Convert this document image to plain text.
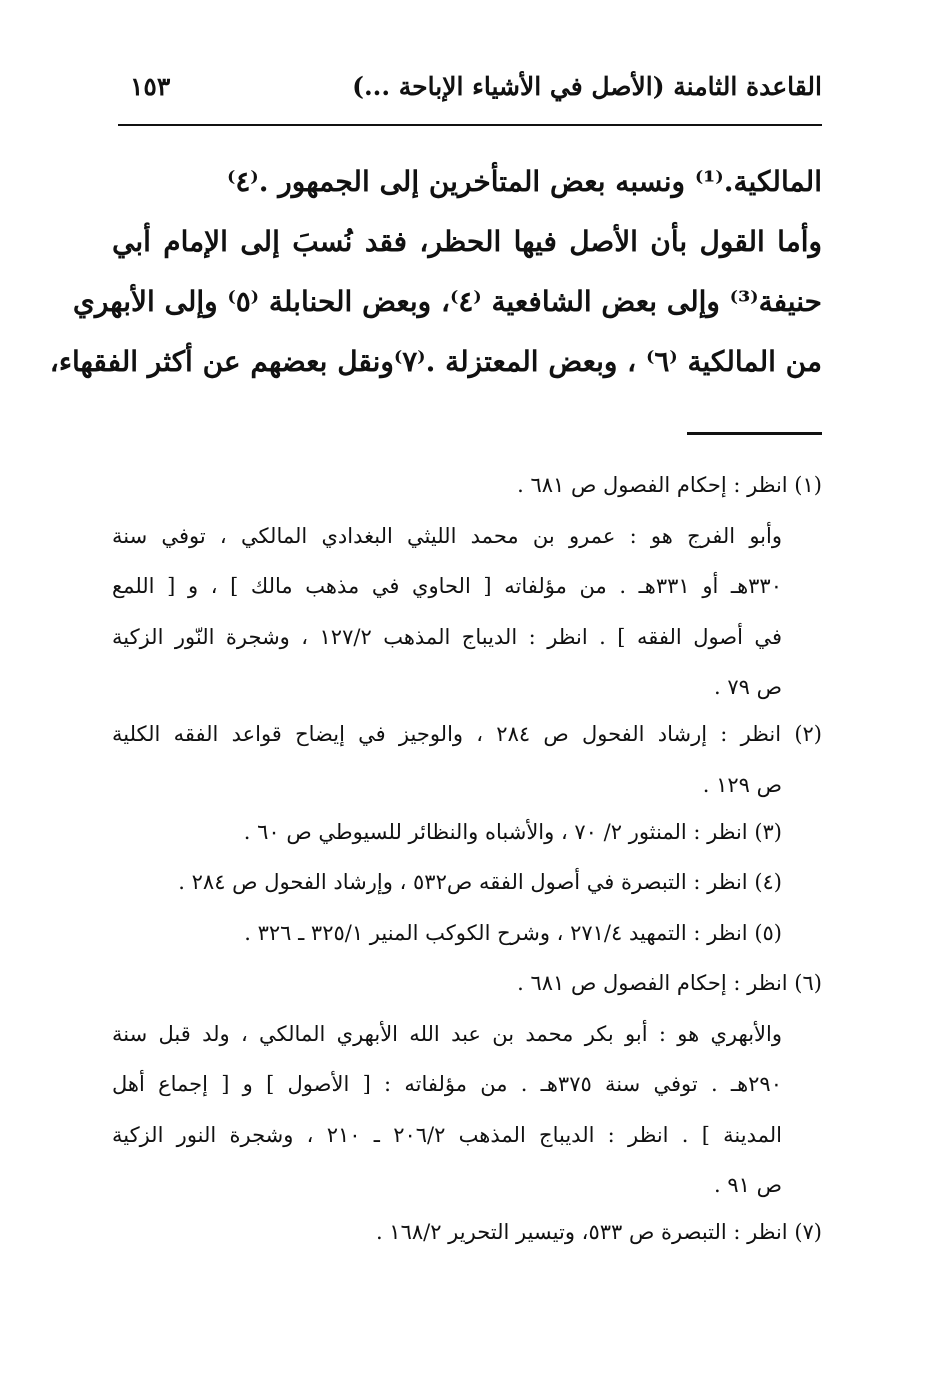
القاعدة الثامنة (الأصل في الأشياء الإباحة ...)
١٥٣
المالكية.⁽¹⁾ ونسبه بعض المتأخرين إلى الجمهور .⁽٤⁾
وأما القول بأن الأصل فيها الحظر، فقد نُسبَ إلى الإمام أبي
حنيفة⁽³⁾ وإلى بعض الشافعية ⁽٤⁾، وبعض الحنابلة ⁽٥⁾ وإلى الأبهري
من المالكية ⁽٦⁾ ، وبعض المعتزلة .⁽٧⁾ونقل بعضهم عن أكثر الفقهاء،
(١) انظر : إحكام الفصول ص ٦٨١ .
وأبو الفرج هو : عمرو بن محمد الليثي البغدادي المالكي ، توفي سنة
٣٣٠هـ أو ٣٣١هـ . من مؤلفاته [ الحاوي في مذهب مالك ] ، و [ اللمع
في أصول الفقه ] . انظر : الديباج المذهب ١٢٧/٢ ، وشجرة النّور الزكية
ص ٧٩ .
(٢) انظر : إرشاد الفحول ص ٢٨٤ ، والوجيز في إيضاح قواعد الفقه الكلية
ص ١٢٩ .
(٣) انظر : المنثور ٢/ ٧٠ ، والأشباه والنظائر للسيوطي ص ٦٠ .
(٤) انظر : التبصرة في أصول الفقه ص٥٣٢ ، وإرشاد الفحول ص ٢٨٤ .
(٥) انظر : التمهيد ٢٧١/٤ ، وشرح الكوكب المنير ٣٢٥/١ ـ ٣٢٦ .
(٦) انظر : إحكام الفصول ص ٦٨١ .
والأبهري هو : أبو بكر محمد بن عبد الله الأبهري المالكي ، ولد قبل سنة
٢٩٠هـ . توفي سنة ٣٧٥هـ . من مؤلفاته : [ الأصول ] و [ إجماع أهل
المدينة ] . انظر : الديباج المذهب ٢٠٦/٢ ـ ٢١٠ ، وشجرة النور الزكية
ص ٩١ .
(٧) انظر : التبصرة ص ٥٣٣، وتيسير التحرير ١٦٨/٢ .
